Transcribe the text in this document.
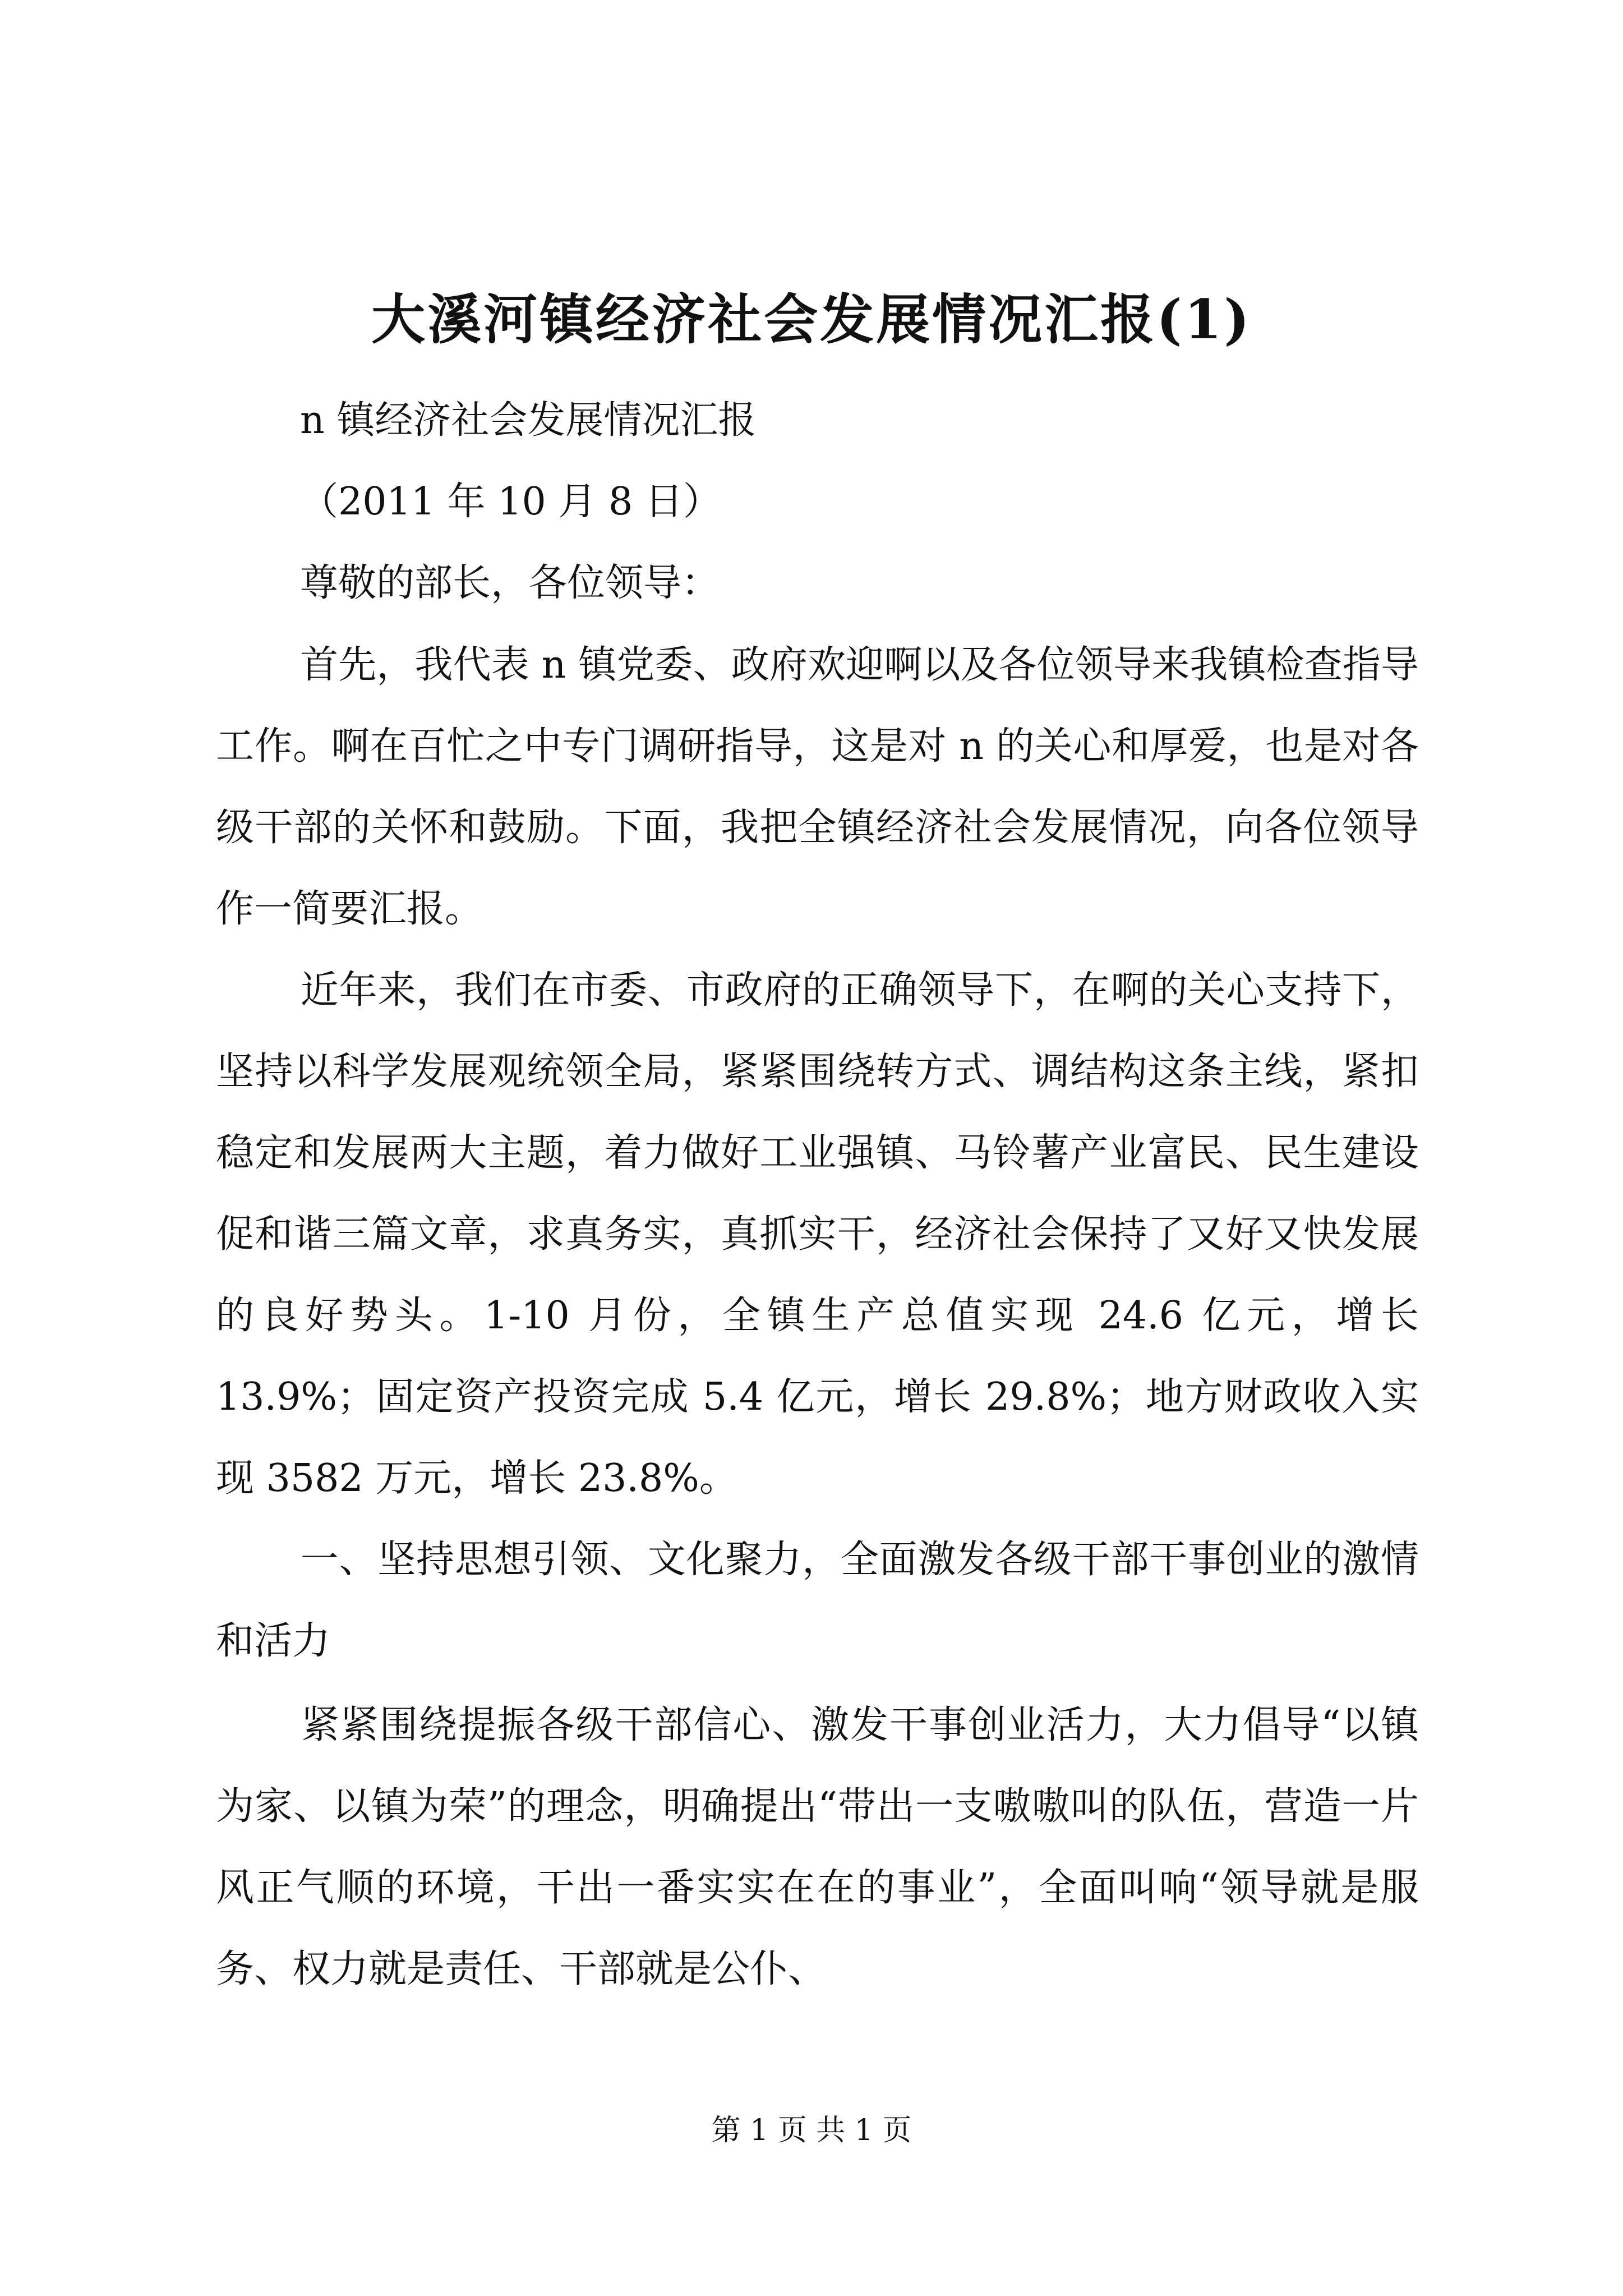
大溪河镇经济社会发展情况汇报(1)
n 镇经济社会发展情况汇报
（2011 年 10 月 8 日）
尊敬的部长，各位领导：
首先，我代表 n 镇党委、政府欢迎啊以及各位领导来我镇检查指导工作。啊在百忙之中专门调研指导，这是对 n 的关心和厚爱，也是对各级干部的关怀和鼓励。下面，我把全镇经济社会发展情况，向各位领导作一简要汇报。
近年来，我们在市委、市政府的正确领导下，在啊的关心支持下，坚持以科学发展观统领全局，紧紧围绕转方式、调结构这条主线，紧扣稳定和发展两大主题，着力做好工业强镇、马铃薯产业富民、民生建设促和谐三篇文章，求真务实，真抓实干，经济社会保持了又好又快发展的良好势头。1-10 月份，全镇生产总值实现 24.6 亿元，增长 13.9%；固定资产投资完成 5.4 亿元，增长 29.8%；地方财政收入实现 3582 万元，增长 23.8%。
一、坚持思想引领、文化聚力，全面激发各级干部干事创业的激情和活力
紧紧围绕提振各级干部信心、激发干事创业活力，大力倡导“以镇为家、以镇为荣”的理念，明确提出“带出一支嗷嗷叫的队伍，营造一片风正气顺的环境，干出一番实实在在的事业”，全面叫响“领导就是服务、权力就是责任、干部就是公仆、
第 1 页 共 1 页
